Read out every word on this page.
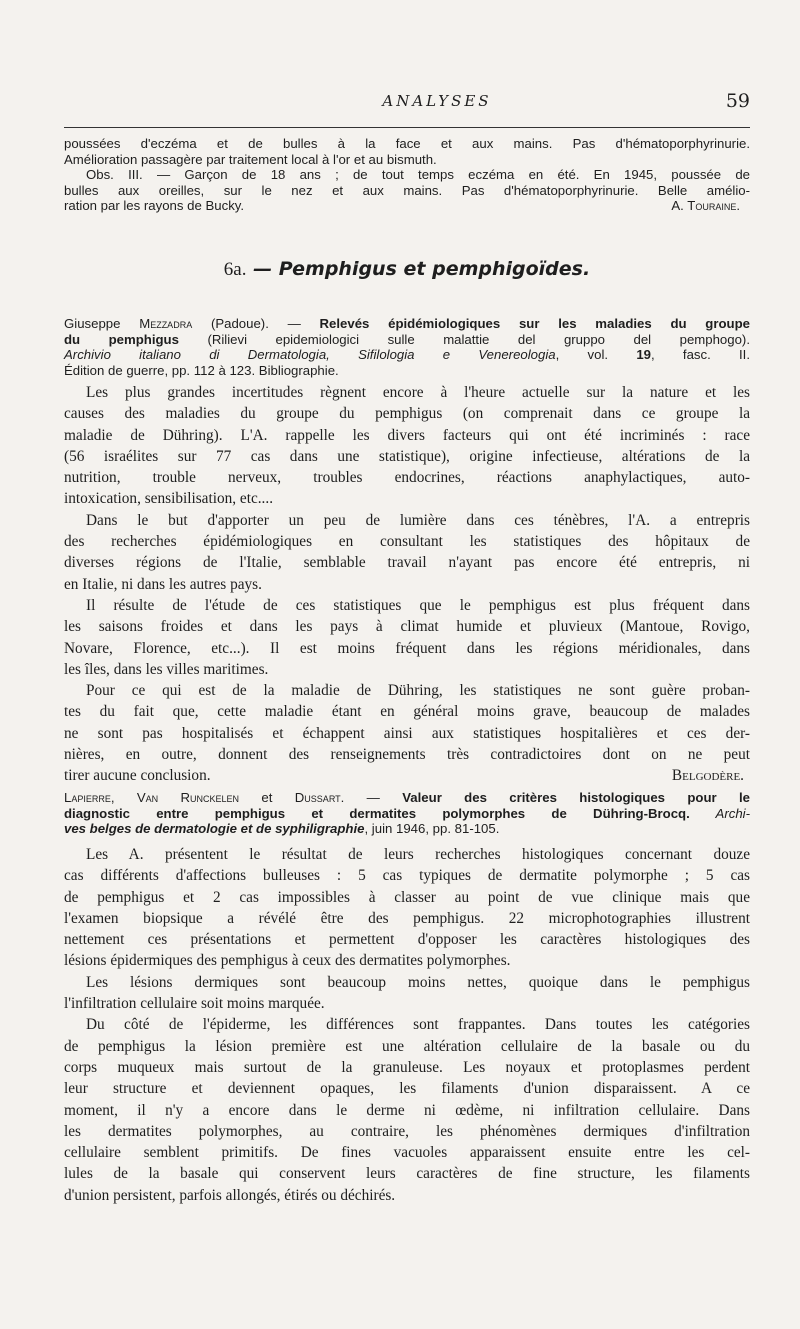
ANALYSES	59
poussées d'eczéma et de bulles à la face et aux mains. Pas d'hématoporphyrinurie.
Amélioration passagère par traitement local à l'or et au bismuth.
Obs. III. — Garçon de 18 ans ; de tout temps eczéma en été. En 1945, poussée de
bulles aux oreilles, sur le nez et aux mains. Pas d'hématoporphyrinurie. Belle amélio-
ration par les rayons de Bucky.	A. Touraine.
6a. — Pemphigus et pemphigoïdes.
Giuseppe Mezzadra (Padoue). — Relevés épidémiologiques sur les maladies du groupe
du pemphigus (Rilievi epidemiologici sulle malattie del gruppo del pemphogo).
Archivio italiano di Dermatologia, Sifilologia e Venereologia, vol. 19, fasc. II.
Édition de guerre, pp. 112 à 123. Bibliographie.
Les plus grandes incertitudes règnent encore à l'heure actuelle sur la nature et les
causes des maladies du groupe du pemphigus (on comprenait dans ce groupe la
maladie de Dühring). L'A. rappelle les divers facteurs qui ont été incriminés : race
(56 israélites sur 77 cas dans une statistique), origine infectieuse, altérations de la
nutrition, trouble nerveux, troubles endocrines, réactions anaphylactiques, auto-
intoxication, sensibilisation, etc....
Dans le but d'apporter un peu de lumière dans ces ténèbres, l'A. a entrepris
des recherches épidémiologiques en consultant les statistiques des hôpitaux de
diverses régions de l'Italie, semblable travail n'ayant pas encore été entrepris, ni
en Italie, ni dans les autres pays.
Il résulte de l'étude de ces statistiques que le pemphigus est plus fréquent dans
les saisons froides et dans les pays à climat humide et pluvieux (Mantoue, Rovigo,
Novare, Florence, etc...). Il est moins fréquent dans les régions méridionales, dans
les îles, dans les villes maritimes.
Pour ce qui est de la maladie de Dühring, les statistiques ne sont guère proban-
tes du fait que, cette maladie étant en général moins grave, beaucoup de malades
ne sont pas hospitalisés et échappent ainsi aux statistiques hospitalières et ces der-
nières, en outre, donnent des renseignements très contradictoires dont on ne peut
tirer aucune conclusion.	Belgodère.
Lapierre, Van Runckelen et Dussart. — Valeur des critères histologiques pour le
diagnostic entre pemphigus et dermatites polymorphes de Dühring-Brocq. Archi-
ves belges de dermatologie et de syphiligraphie, juin 1946, pp. 81-105.
Les A. présentent le résultat de leurs recherches histologiques concernant douze
cas différents d'affections bulleuses : 5 cas typiques de dermatite polymorphe ; 5 cas
de pemphigus et 2 cas impossibles à classer au point de vue clinique mais que
l'examen biopsique a révélé être des pemphigus. 22 microphotographies illustrent
nettement ces présentations et permettent d'opposer les caractères histologiques des
lésions épidermiques des pemphigus à ceux des dermatites polymorphes.
Les lésions dermiques sont beaucoup moins nettes, quoique dans le pemphigus
l'infiltration cellulaire soit moins marquée.
Du côté de l'épiderme, les différences sont frappantes. Dans toutes les catégories
de pemphigus la lésion première est une altération cellulaire de la basale ou du
corps muqueux mais surtout de la granuleuse. Les noyaux et protoplasmes perdent
leur structure et deviennent opaques, les filaments d'union disparaissent. A ce
moment, il n'y a encore dans le derme ni œdème, ni infiltration cellulaire. Dans
les dermatites polymorphes, au contraire, les phénomènes dermiques d'infiltration
cellulaire semblent primitifs. De fines vacuoles apparaissent ensuite entre les cel-
lules de la basale qui conservent leurs caractères de fine structure, les filaments
d'union persistent, parfois allongés, étirés ou déchirés.
